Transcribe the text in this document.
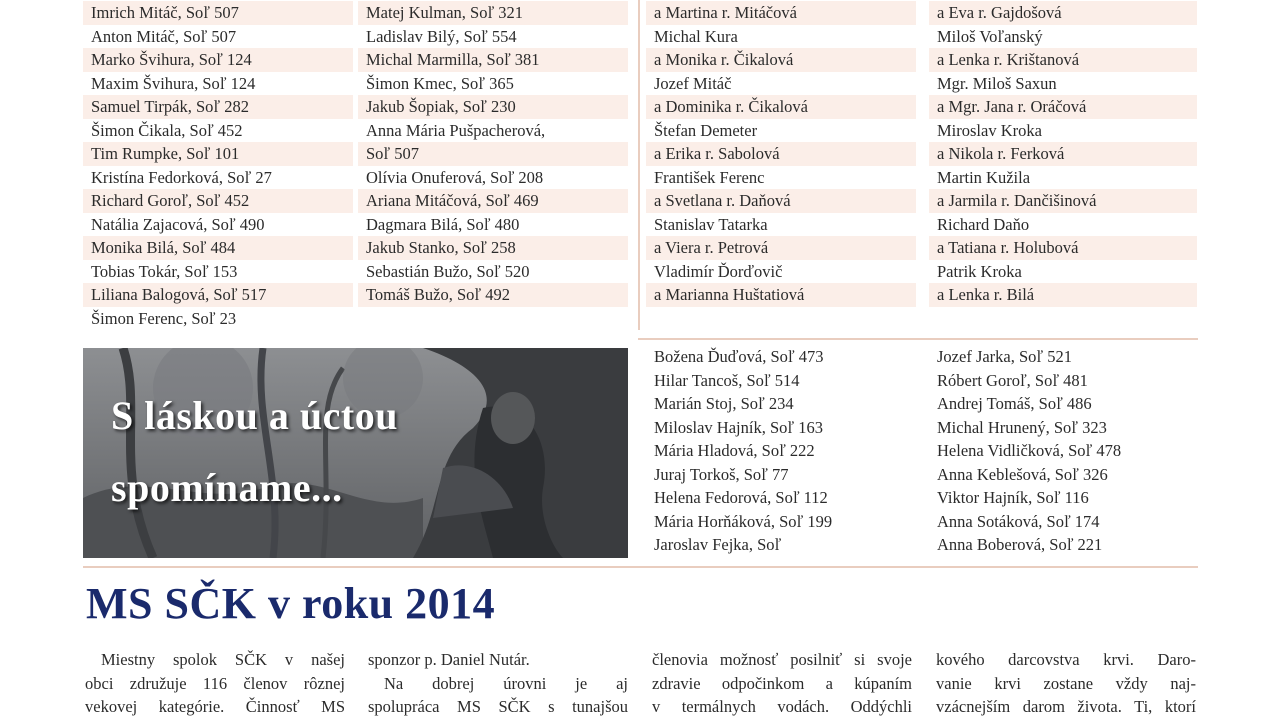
Imrich Mitáč, Soľ 507
Anton Mitáč, Soľ 507
Marko Švihura, Soľ 124
Maxim Švihura, Soľ 124
Samuel Tirpák, Soľ 282
Šimon Čikala, Soľ 452
Tim Rumpke, Soľ 101
Kristína Fedorková, Soľ 27
Richard Goroľ, Soľ 452
Natália Zajacová, Soľ 490
Monika Bilá, Soľ 484
Tobias Tokár, Soľ 153
Liliana Balogová, Soľ 517
Šimon Ferenc, Soľ 23
Matej Kulman, Soľ 321
Ladislav Bilý, Soľ 554
Michal Marmilla, Soľ 381
Šimon Kmec, Soľ 365
Jakub Šopiak, Soľ 230
Anna Mária Pušpacherová,
Soľ 507
Olívia Onuferová, Soľ 208
Ariana Mitáčová, Soľ 469
Dagmara Bilá, Soľ 480
Jakub Stanko, Soľ 258
Sebastián Bužo, Soľ 520
Tomáš Bužo, Soľ 492
a Martina r. Mitáčová
Michal Kura
a Monika r. Čikalová
Jozef Mitáč
a Dominika r. Čikalová
Štefan Demeter
a Erika r. Sabolová
František Ferenc
a Svetlana r. Daňová
Stanislav Tatarka
a Viera r. Petrová
Vladimír Ďorďovič
a Marianna Huštatiová
a Eva r. Gajdošová
Miloš Voľanský
a Lenka r. Krištanová
Mgr. Miloš Saxun
a Mgr. Jana r. Oráčová
Miroslav Kroka
a Nikola r. Ferková
Martin Kužila
a Jarmila r. Dančišinová
Richard Daňo
a Tatiana r. Holubová
Patrik Kroka
a Lenka r. Bilá
S láskou a úctou
spomíname...
Božena Ďuďová, Soľ 473
Hilar Tancoš, Soľ 514
Marián Stoj, Soľ 234
Miloslav Hajník, Soľ 163
Mária Hladová, Soľ 222
Juraj Torkoš, Soľ 77
Helena Fedorová, Soľ 112
Mária Horňáková, Soľ 199
Jaroslav Fejka, Soľ
Jozef Jarka, Soľ 521
Róbert Goroľ, Soľ 481
Andrej Tomáš, Soľ 486
Michal Hrunený, Soľ 323
Helena Vidličková, Soľ 478
Anna Keblešová, Soľ 326
Viktor Hajník, Soľ 116
Anna Sotáková, Soľ 174
Anna Boberová, Soľ 221
MS SČK v roku 2014
Miestny spolok SČK v našej
obci združuje 116 členov rôznej
vekovej kategórie. Činnosť MS
sponzor p. Daniel Nutár.
Na dobrej úrovni je aj
spolupráca MS SČK s tunajšou
členovia možnosť posilniť si svoje
zdravie odpočinkom a kúpaním
v termálnych vodách. Oddýchli
kového darcovstva krvi. Daro-
vanie krvi zostane vždy naj-
vzácnejším darom života. Ti, ktorí
